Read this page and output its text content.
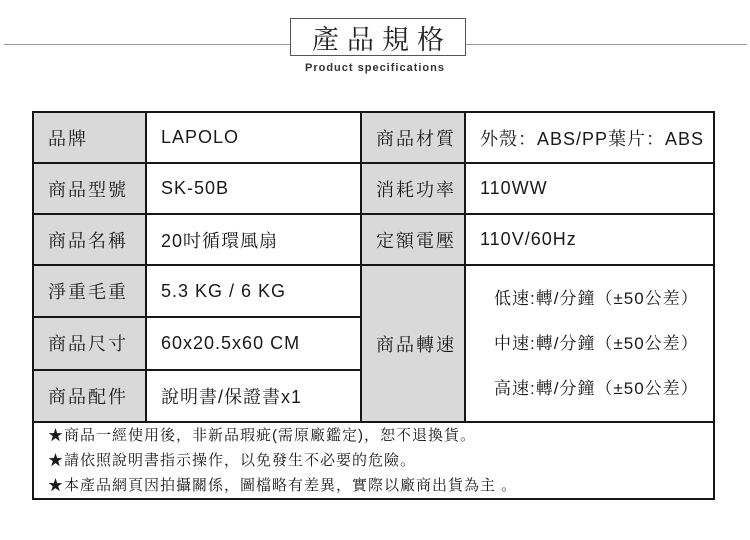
產品規格
Product specifications
品牌	LAPOLO	商品材質	外殼：ABS/PP葉片：ABS
商品型號	SK-50B	消耗功率	110WW
商品名稱	20吋循環風扇	定額電壓	110V/60Hz
淨重毛重	5.3 KG / 6 KG	商品轉速	低速:轉/分鐘（±50公差）
中速:轉/分鐘（±50公差）
高速:轉/分鐘（±50公差）

商品尺寸	60x20.5x60 CM		
商品配件	說明書/保證書x1		

★商品一經使用後，非新品瑕疵(需原廠鑑定)，恕不退換貨。
★請依照說明書指示操作，以免發生不必要的危險。
★本產品網頁因拍攝關係，圖檔略有差異，實際以廠商出貨為主 。			
